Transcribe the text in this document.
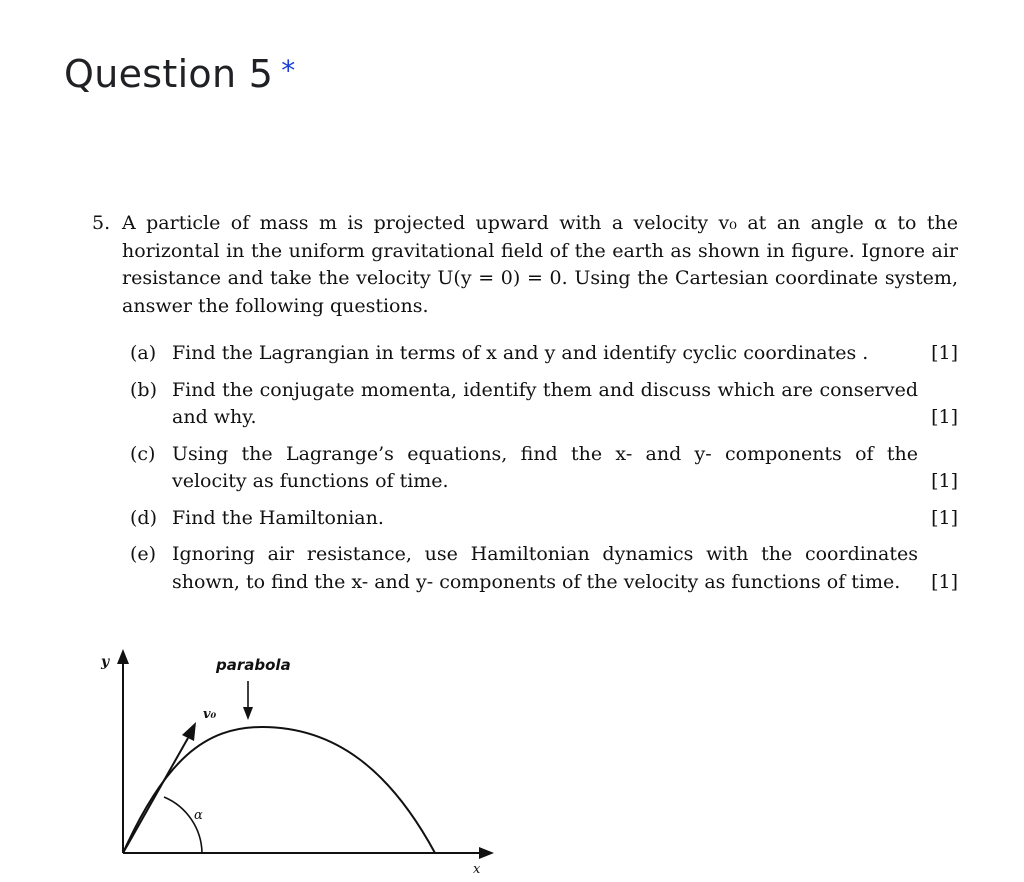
Question 5 *
5. A particle of mass m is projected upward with a velocity v₀ at an angle α to the horizontal in the uniform gravitational field of the earth as shown in figure. Ignore air resistance and take the velocity U(y = 0) = 0. Using the Cartesian coordinate system, answer the following questions.
(a) Find the Lagrangian in terms of x and y and identify cyclic coordinates .	[1]
(b) Find the conjugate momenta, identify them and discuss which are conserved and why.	[1]
(c) Using the Lagrange’s equations, find the x- and y- components of the velocity as functions of time.	[1]
(d) Find the Hamiltonian.	[1]
(e) Ignoring air resistance, use Hamiltonian dynamics with the coordinates shown, to find the x- and y- components of the velocity as functions of time.	[1]
y
x
parabola
v₀
α
